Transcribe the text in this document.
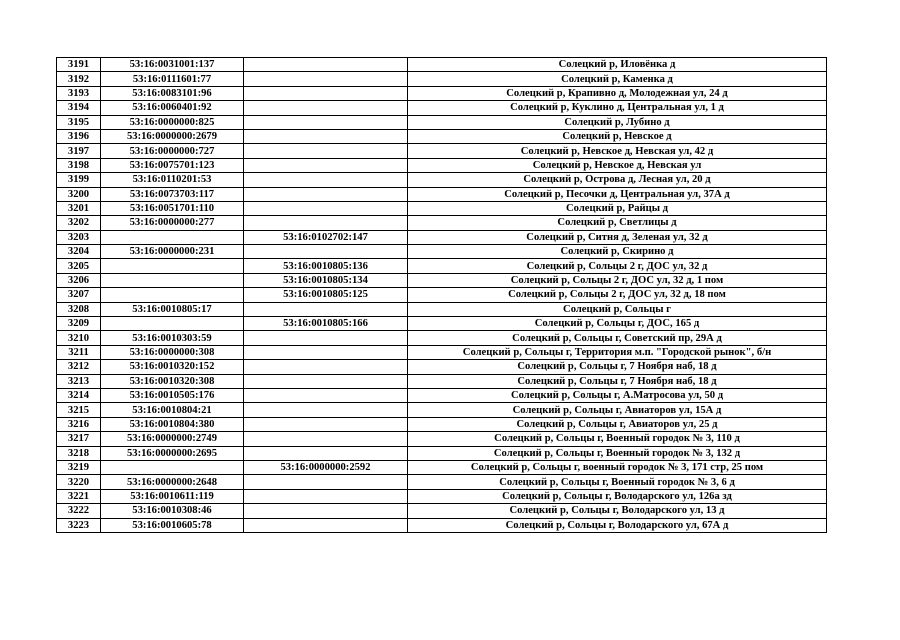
3191	53:16:0031001:137		Солецкий р, Иловёнка д
3192	53:16:0111601:77		Солецкий р, Каменка д
3193	53:16:0083101:96		Солецкий р, Крапивно д, Молодежная ул, 24 д
3194	53:16:0060401:92		Солецкий р, Куклино д, Центральная ул, 1 д
3195	53:16:0000000:825		Солецкий р, Лубино д
3196	53:16:0000000:2679		Солецкий р, Невское д
3197	53:16:0000000:727		Солецкий р, Невское д, Невская ул, 42 д
3198	53:16:0075701:123		Солецкий р, Невское д, Невская ул
3199	53:16:0110201:53		Солецкий р, Острова д, Лесная ул, 20 д
3200	53:16:0073703:117		Солецкий р, Песочки д, Центральная ул, 37А д
3201	53:16:0051701:110		Солецкий р, Райцы д
3202	53:16:0000000:277		Солецкий р, Светлицы д
3203		53:16:0102702:147	Солецкий р, Ситня д, Зеленая ул, 32 д
3204	53:16:0000000:231		Солецкий р, Скирино д
3205		53:16:0010805:136	Солецкий р, Сольцы 2 г, ДОС ул, 32 д
3206		53:16:0010805:134	Солецкий р, Сольцы 2 г, ДОС ул, 32 д, 1 пом
3207		53:16:0010805:125	Солецкий р, Сольцы 2 г, ДОС ул, 32 д, 18 пом
3208	53:16:0010805:17		Солецкий р, Сольцы г
3209		53:16:0010805:166	Солецкий р, Сольцы г, ДОС, 165 д
3210	53:16:0010303:59		Солецкий р, Сольцы г, Советский пр, 29А д
3211	53:16:0000000:308		Солецкий р, Сольцы г, Территория м.п. "Городской рынок", б/н
3212	53:16:0010320:152		Солецкий р, Сольцы г, 7 Ноября наб, 18 д
3213	53:16:0010320:308		Солецкий р, Сольцы г, 7 Ноября наб, 18 д
3214	53:16:0010505:176		Солецкий р, Сольцы г, А.Матросова ул, 50 д
3215	53:16:0010804:21		Солецкий р, Сольцы г, Авиаторов ул, 15А д
3216	53:16:0010804:380		Солецкий р, Сольцы г, Авиаторов ул, 25 д
3217	53:16:0000000:2749		Солецкий р, Сольцы г, Военный городок № 3, 110 д
3218	53:16:0000000:2695		Солецкий р, Сольцы г, Военный городок № 3, 132 д
3219		53:16:0000000:2592	Солецкий р, Сольцы г, военный городок № 3, 171 стр, 25 пом
3220	53:16:0000000:2648		Солецкий р, Сольцы г, Военный городок № 3, 6 д
3221	53:16:0010611:119		Солецкий р, Сольцы г, Володарского ул, 126а зд
3222	53:16:0010308:46		Солецкий р, Сольцы г, Володарского ул, 13 д
3223	53:16:0010605:78		Солецкий р, Сольцы г, Володарского ул, 67А д
